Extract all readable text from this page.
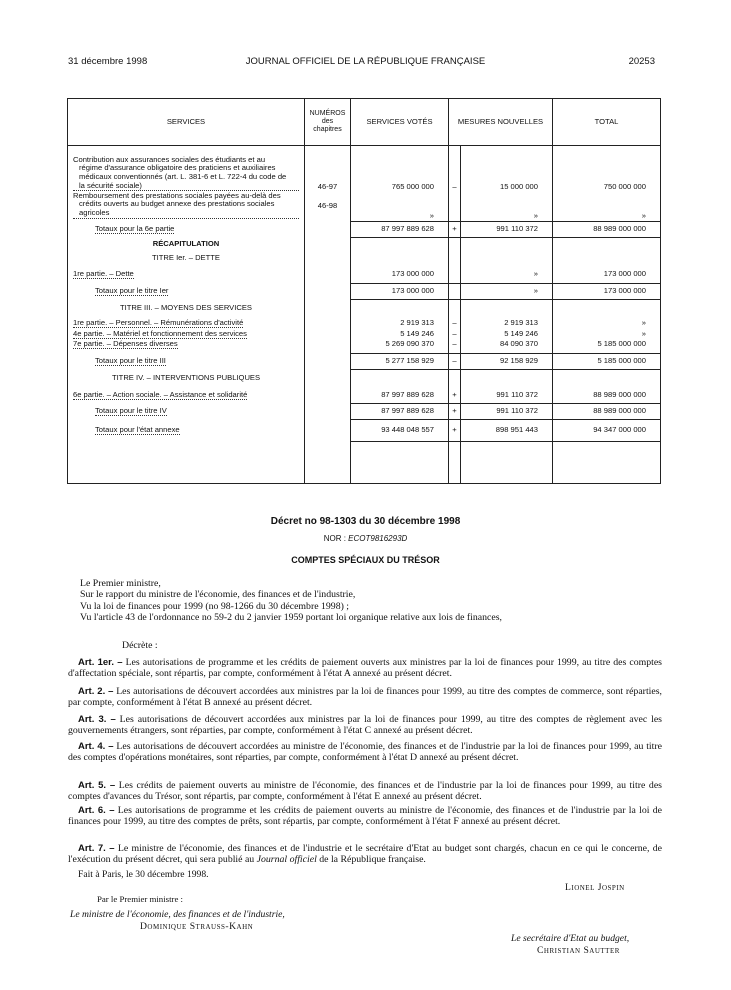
31 décembre 1998	JOURNAL OFFICIEL DE LA RÉPUBLIQUE FRANÇAISE	20253
SERVICES	NUMÉROS
des
chapitres	SERVICES VOTÉS	MESURES NOUVELLES		TOTAL

Contribution aux assurances sociales des étudiants et au
régime d'assurance obligatoire des praticiens et auxiliaires
médicaux conventionnés (art. L. 381-6 et L. 722-4 du code de
la sécurité sociale)	46-97	765 000 000	–	15 000 000	750 000 000

Remboursement des prestations sociales payées au-delà des
crédits ouverts au budget annexe des prestations sociales
agricoles	46-98	»		»	»
Totaux pour la 6e partie		87 997 889 628	+	991 110 372	88 989 000 000
RÉCAPITULATION					
TITRE Ier. – DETTE					
1re partie. – Dette		173 000 000		»	173 000 000
Totaux pour le titre Ier		173 000 000		»	173 000 000
TITRE III. – MOYENS DES SERVICES					
1re partie. – Personnel. – Rémunérations d'activité		2 919 313	–	2 919 313	»
4e partie. – Matériel et fonctionnement des services		5 149 246	–	5 149 246	»
7e partie. – Dépenses diverses		5 269 090 370	–	84 090 370	5 185 000 000
Totaux pour le titre III		5 277 158 929	–	92 158 929	5 185 000 000
TITRE IV. – INTERVENTIONS PUBLIQUES					
6e partie. – Action sociale. – Assistance et solidarité		87 997 889 628	+	991 110 372	88 989 000 000
Totaux pour le titre IV		87 997 889 628	+	991 110 372	88 989 000 000
Totaux pour l'état annexe		93 448 048 557	+	898 951 443	94 347 000 000

Décret no 98-1303 du 30 décembre 1998
NOR : ECOT9816293D
COMPTES SPÉCIAUX DU TRÉSOR
Le Premier ministre,
Sur le rapport du ministre de l'économie, des finances et de l'industrie,
Vu la loi de finances pour 1999 (no 98-1266 du 30 décembre 1998) ;
Vu l'article 43 de l'ordonnance no 59-2 du 2 janvier 1959 portant loi organique relative aux lois de finances,
Décrète :
Art. 1er. – Les autorisations de programme et les crédits de paiement ouverts aux ministres par la loi de finances pour 1999, au titre des comptes d'affectation spéciale, sont répartis, par compte, conformément à l'état A annexé au présent décret.
Art. 2. – Les autorisations de découvert accordées aux ministres par la loi de finances pour 1999, au titre des comptes de commerce, sont réparties, par compte, conformément à l'état B annexé au présent décret.
Art. 3. – Les autorisations de découvert accordées aux ministres par la loi de finances pour 1999, au titre des comptes de règlement avec les gouvernements étrangers, sont réparties, par compte, conformément à l'état C annexé au présent décret.
Art. 4. – Les autorisations de découvert accordées au ministre de l'économie, des finances et de l'industrie par la loi de finances pour 1999, au titre des comptes d'opérations monétaires, sont réparties, par compte, conformément à l'état D annexé au présent décret.
Art. 5. – Les crédits de paiement ouverts au ministre de l'économie, des finances et de l'industrie par la loi de finances pour 1999, au titre des comptes d'avances du Trésor, sont répartis, par compte, conformément à l'état E annexé au présent décret.
Art. 6. – Les autorisations de programme et les crédits de paiement ouverts au ministre de l'économie, des finances et de l'industrie par la loi de finances pour 1999, au titre des comptes de prêts, sont répartis, par compte, conformément à l'état F annexé au présent décret.
Art. 7. – Le ministre de l'économie, des finances et de l'industrie et le secrétaire d'Etat au budget sont chargés, chacun en ce qui le concerne, de l'exécution du présent décret, qui sera publié au Journal officiel de la République française.
Fait à Paris, le 30 décembre 1998.
Lionel Jospin
Par le Premier ministre :
Le ministre de l'économie, des finances et de l'industrie,
Dominique Strauss-Kahn
Le secrétaire d'Etat au budget,
Christian Sautter
